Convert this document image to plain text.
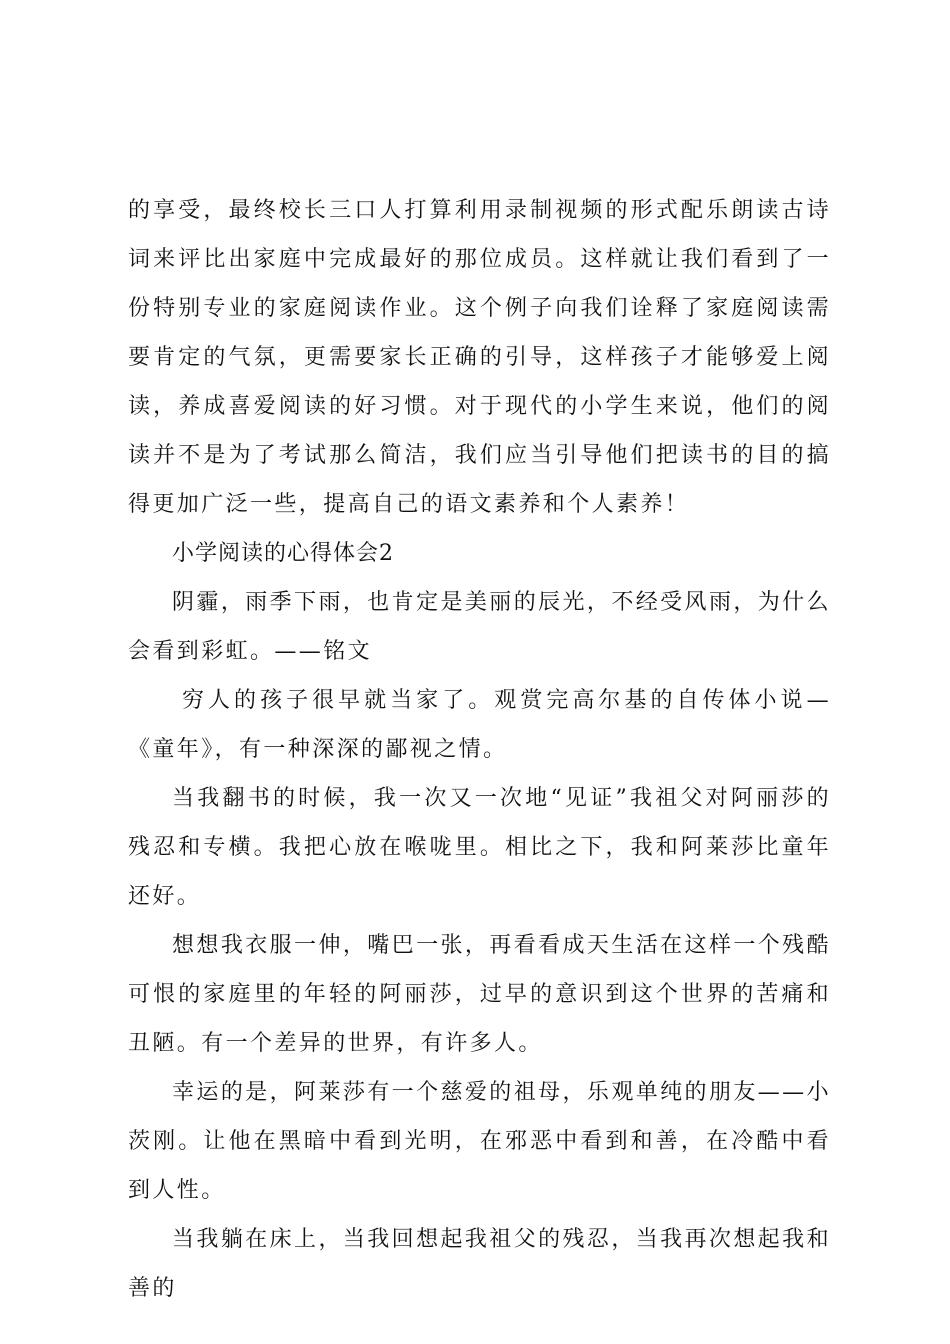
的享受，最终校长三口人打算利用录制视频的形式配乐朗读古诗词来评比出家庭中完成最好的那位成员。这样就让我们看到了一份特别专业的家庭阅读作业。这个例子向我们诠释了家庭阅读需要肯定的气氛，更需要家长正确的引导，这样孩子才能够爱上阅读，养成喜爱阅读的好习惯。对于现代的小学生来说，他们的阅读并不是为了考试那么简洁，我们应当引导他们把读书的目的搞得更加广泛一些，提高自己的语文素养和个人素养！

小学阅读的心得体会2

阴霾，雨季下雨，也肯定是美丽的辰光，不经受风雨，为什么会看到彩虹。——铭文

穷人的孩子很早就当家了。观赏完高尔基的自传体小说—《童年》，有一种深深的鄙视之情。

当我翻书的时候，我一次又一次地“见证”我祖父对阿丽莎的残忍和专横。我把心放在喉咙里。相比之下，我和阿莱莎比童年还好。

想想我衣服一伸，嘴巴一张，再看看成天生活在这样一个残酷可恨的家庭里的年轻的阿丽莎，过早的意识到这个世界的苦痛和丑陋。有一个差异的世界，有许多人。

幸运的是，阿莱莎有一个慈爱的祖母，乐观单纯的朋友——小茨刚。让他在黑暗中看到光明，在邪恶中看到和善，在冷酷中看到人性。

当我躺在床上，当我回想起我祖父的残忍，当我再次想起我和善的
